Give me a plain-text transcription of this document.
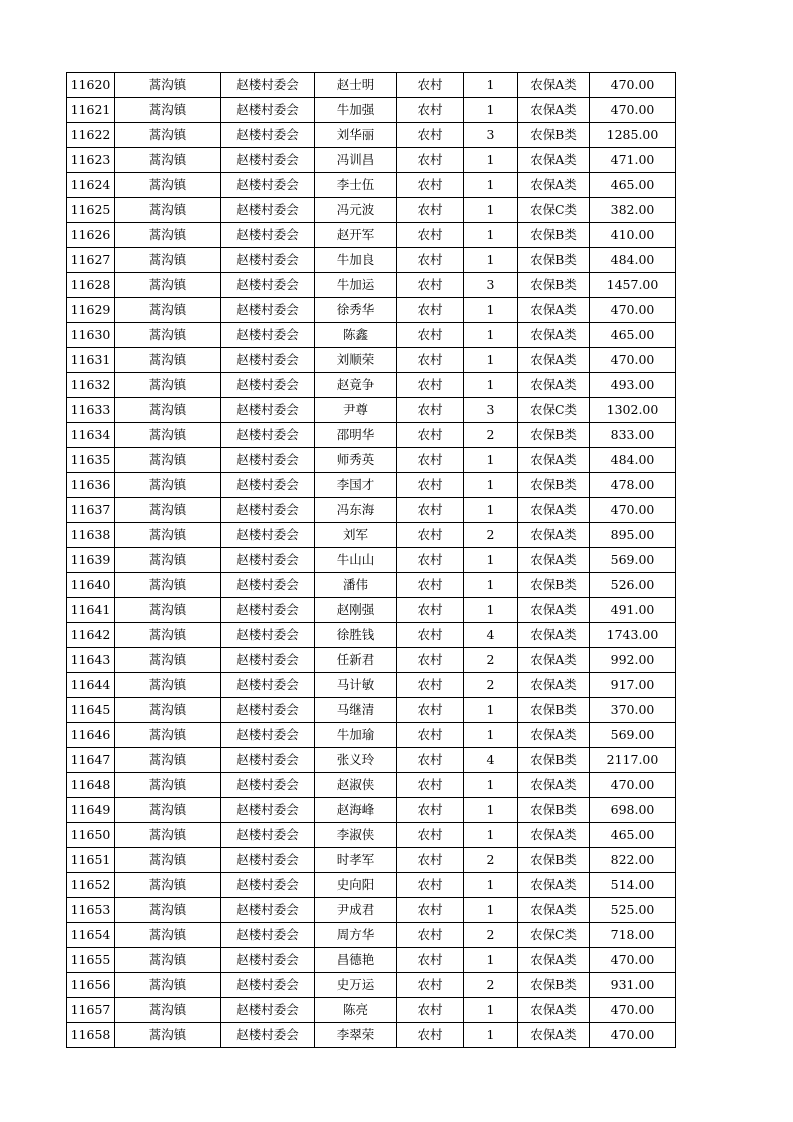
11620	蒿沟镇	赵楼村委会	赵士明	农村	1	农保A类	470.00
11621	蒿沟镇	赵楼村委会	牛加强	农村	1	农保A类	470.00
11622	蒿沟镇	赵楼村委会	刘华丽	农村	3	农保B类	1285.00
11623	蒿沟镇	赵楼村委会	冯训昌	农村	1	农保A类	471.00
11624	蒿沟镇	赵楼村委会	李士伍	农村	1	农保A类	465.00
11625	蒿沟镇	赵楼村委会	冯元波	农村	1	农保C类	382.00
11626	蒿沟镇	赵楼村委会	赵开军	农村	1	农保B类	410.00
11627	蒿沟镇	赵楼村委会	牛加良	农村	1	农保B类	484.00
11628	蒿沟镇	赵楼村委会	牛加运	农村	3	农保B类	1457.00
11629	蒿沟镇	赵楼村委会	徐秀华	农村	1	农保A类	470.00
11630	蒿沟镇	赵楼村委会	陈鑫	农村	1	农保A类	465.00
11631	蒿沟镇	赵楼村委会	刘顺荣	农村	1	农保A类	470.00
11632	蒿沟镇	赵楼村委会	赵竟争	农村	1	农保A类	493.00
11633	蒿沟镇	赵楼村委会	尹尊	农村	3	农保C类	1302.00
11634	蒿沟镇	赵楼村委会	邵明华	农村	2	农保B类	833.00
11635	蒿沟镇	赵楼村委会	师秀英	农村	1	农保A类	484.00
11636	蒿沟镇	赵楼村委会	李国才	农村	1	农保B类	478.00
11637	蒿沟镇	赵楼村委会	冯东海	农村	1	农保A类	470.00
11638	蒿沟镇	赵楼村委会	刘军	农村	2	农保A类	895.00
11639	蒿沟镇	赵楼村委会	牛山山	农村	1	农保A类	569.00
11640	蒿沟镇	赵楼村委会	潘伟	农村	1	农保B类	526.00
11641	蒿沟镇	赵楼村委会	赵刚强	农村	1	农保A类	491.00
11642	蒿沟镇	赵楼村委会	徐胜钱	农村	4	农保A类	1743.00
11643	蒿沟镇	赵楼村委会	任新君	农村	2	农保A类	992.00
11644	蒿沟镇	赵楼村委会	马计敏	农村	2	农保A类	917.00
11645	蒿沟镇	赵楼村委会	马继清	农村	1	农保B类	370.00
11646	蒿沟镇	赵楼村委会	牛加瑜	农村	1	农保A类	569.00
11647	蒿沟镇	赵楼村委会	张义玲	农村	4	农保B类	2117.00
11648	蒿沟镇	赵楼村委会	赵淑侠	农村	1	农保A类	470.00
11649	蒿沟镇	赵楼村委会	赵海峰	农村	1	农保B类	698.00
11650	蒿沟镇	赵楼村委会	李淑侠	农村	1	农保A类	465.00
11651	蒿沟镇	赵楼村委会	时孝军	农村	2	农保B类	822.00
11652	蒿沟镇	赵楼村委会	史向阳	农村	1	农保A类	514.00
11653	蒿沟镇	赵楼村委会	尹成君	农村	1	农保A类	525.00
11654	蒿沟镇	赵楼村委会	周方华	农村	2	农保C类	718.00
11655	蒿沟镇	赵楼村委会	昌德艳	农村	1	农保A类	470.00
11656	蒿沟镇	赵楼村委会	史万运	农村	2	农保B类	931.00
11657	蒿沟镇	赵楼村委会	陈亮	农村	1	农保A类	470.00
11658	蒿沟镇	赵楼村委会	李翠荣	农村	1	农保A类	470.00
